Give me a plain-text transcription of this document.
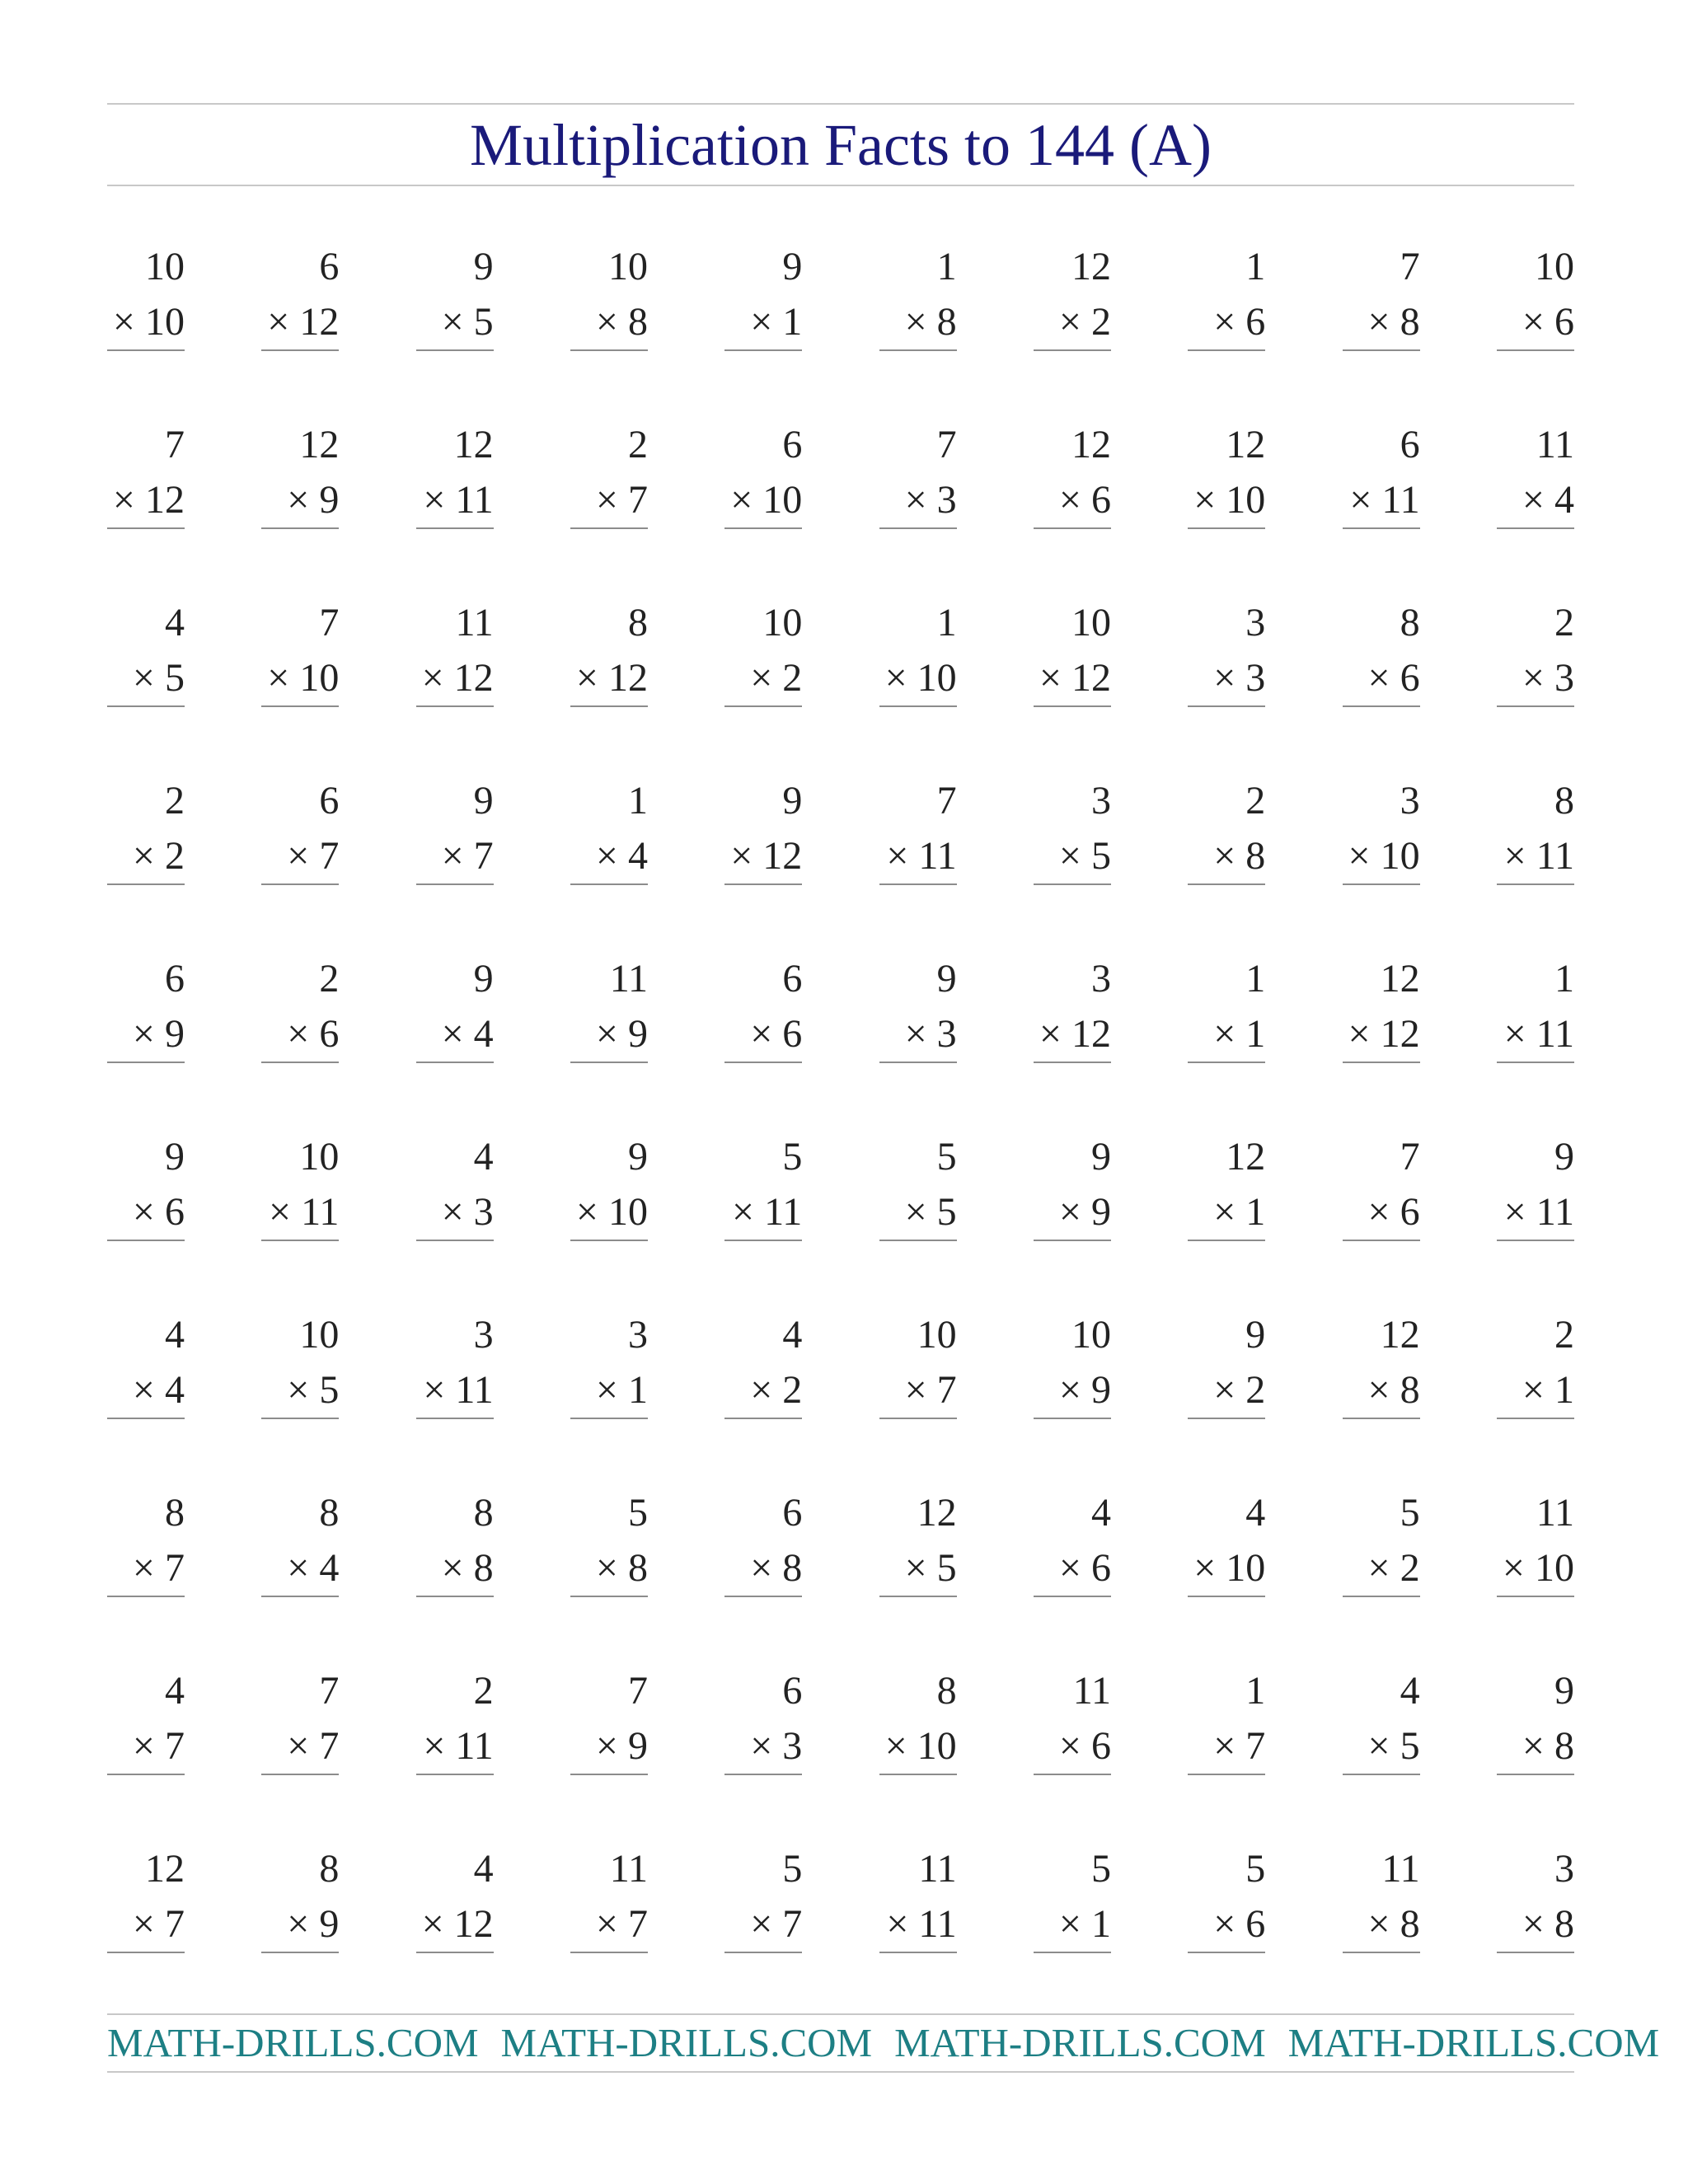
Multiplication Facts to 144 (A)
10
× 10
6
× 12
9
× 5
10
× 8
9
× 1
1
× 8
12
× 2
1
× 6
7
× 8
10
× 6
7
× 12
12
× 9
12
× 11
2
× 7
6
× 10
7
× 3
12
× 6
12
× 10
6
× 11
11
× 4
4
× 5
7
× 10
11
× 12
8
× 12
10
× 2
1
× 10
10
× 12
3
× 3
8
× 6
2
× 3
2
× 2
6
× 7
9
× 7
1
× 4
9
× 12
7
× 11
3
× 5
2
× 8
3
× 10
8
× 11
6
× 9
2
× 6
9
× 4
11
× 9
6
× 6
9
× 3
3
× 12
1
× 1
12
× 12
1
× 11
9
× 6
10
× 11
4
× 3
9
× 10
5
× 11
5
× 5
9
× 9
12
× 1
7
× 6
9
× 11
4
× 4
10
× 5
3
× 11
3
× 1
4
× 2
10
× 7
10
× 9
9
× 2
12
× 8
2
× 1
8
× 7
8
× 4
8
× 8
5
× 8
6
× 8
12
× 5
4
× 6
4
× 10
5
× 2
11
× 10
4
× 7
7
× 7
2
× 11
7
× 9
6
× 3
8
× 10
11
× 6
1
× 7
4
× 5
9
× 8
12
× 7
8
× 9
4
× 12
11
× 7
5
× 7
11
× 11
5
× 1
5
× 6
11
× 8
3
× 8
MATH-DRILLS.COM MATH-DRILLS.COM MATH-DRILLS.COM MATH-DRILLS.COM
